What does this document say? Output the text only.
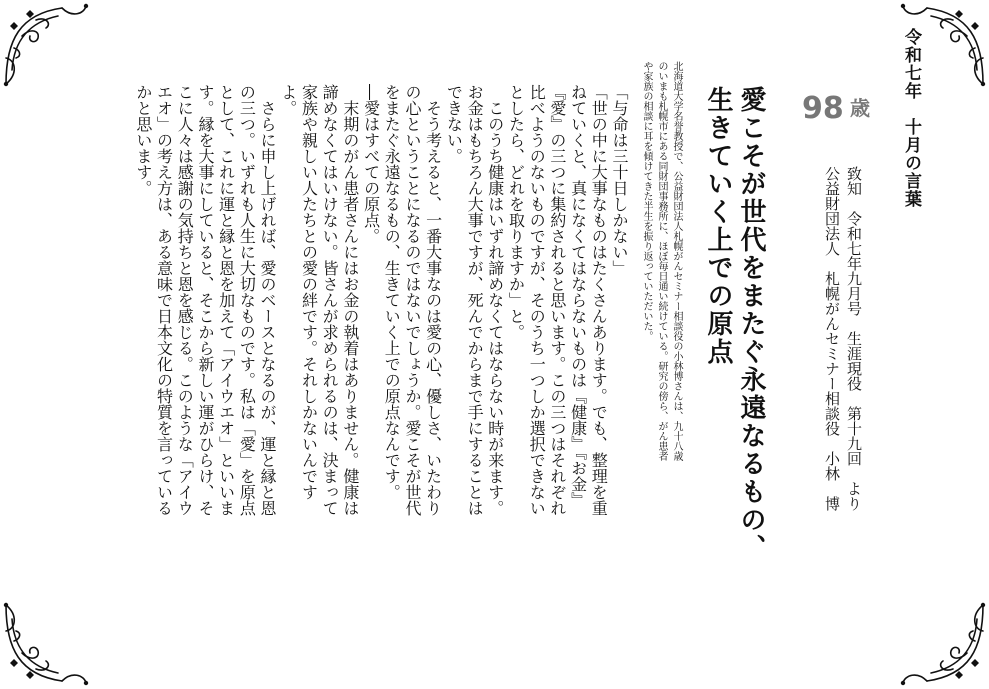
令和七年　十月の言葉
98 歳

致知　令和七年九月号　生涯現役　第十九回　より

公益財団法人　札幌がんセミナー相談役　小林　博

愛こそが世代をまたぐ永遠なるもの、
生きていく上での原点

北海道大学名誉教授で、公益財団法人札幌がんセミナー相談役の小林博さんは、九十八歳

のいまも札幌市にある同財団事務所に、ほぼ毎日通い続けている。研究の傍ら、がん患者

や家族の相談に耳を傾けてきた半生を振り返っていただいた。

「与命は三十日しかない」

「世の中に大事なものはたくさんあります。でも、整理を重

ねていくと、真になくてはならないものは『健康』『お金』

『愛』の三つに集約されると思います。この三つはそれぞれ

比べようのないものですが、そのうち一つしか選択できない

としたら、どれを取りますか」と。

　このうち健康はいずれ諦めなくてはならない時が来ます。

お金はもちろん大事ですが、死んでからまで手にすることは

できない。

　そう考えると、一番大事なのは愛の心、優しさ、いたわり

の心ということになるのではないでしょうか。愛こそが世代

をまたぐ永遠なるもの、生きていく上での原点なんです。

―愛はすべての原点。

　末期のがん患者さんにはお金の執着はありません。健康は

諦めなくてはいけない。皆さんが求められるのは、決まって

家族や親しい人たちとの愛の絆です。それしかないんです

よ。

　さらに申し上げれば、愛のベースとなるのが、運と縁と恩

の三つ。いずれも人生に大切なものです。私は「愛」を原点

として、これに運と縁と恩を加えて「アイウエオ」といいま

す。縁を大事にしていると、そこから新しい運がひらけ、そ

こに人々は感謝の気持ちと恩を感じる。このような「アイウ

エオ」の考え方は、ある意味で日本文化の特質を言っている

かと思います。
